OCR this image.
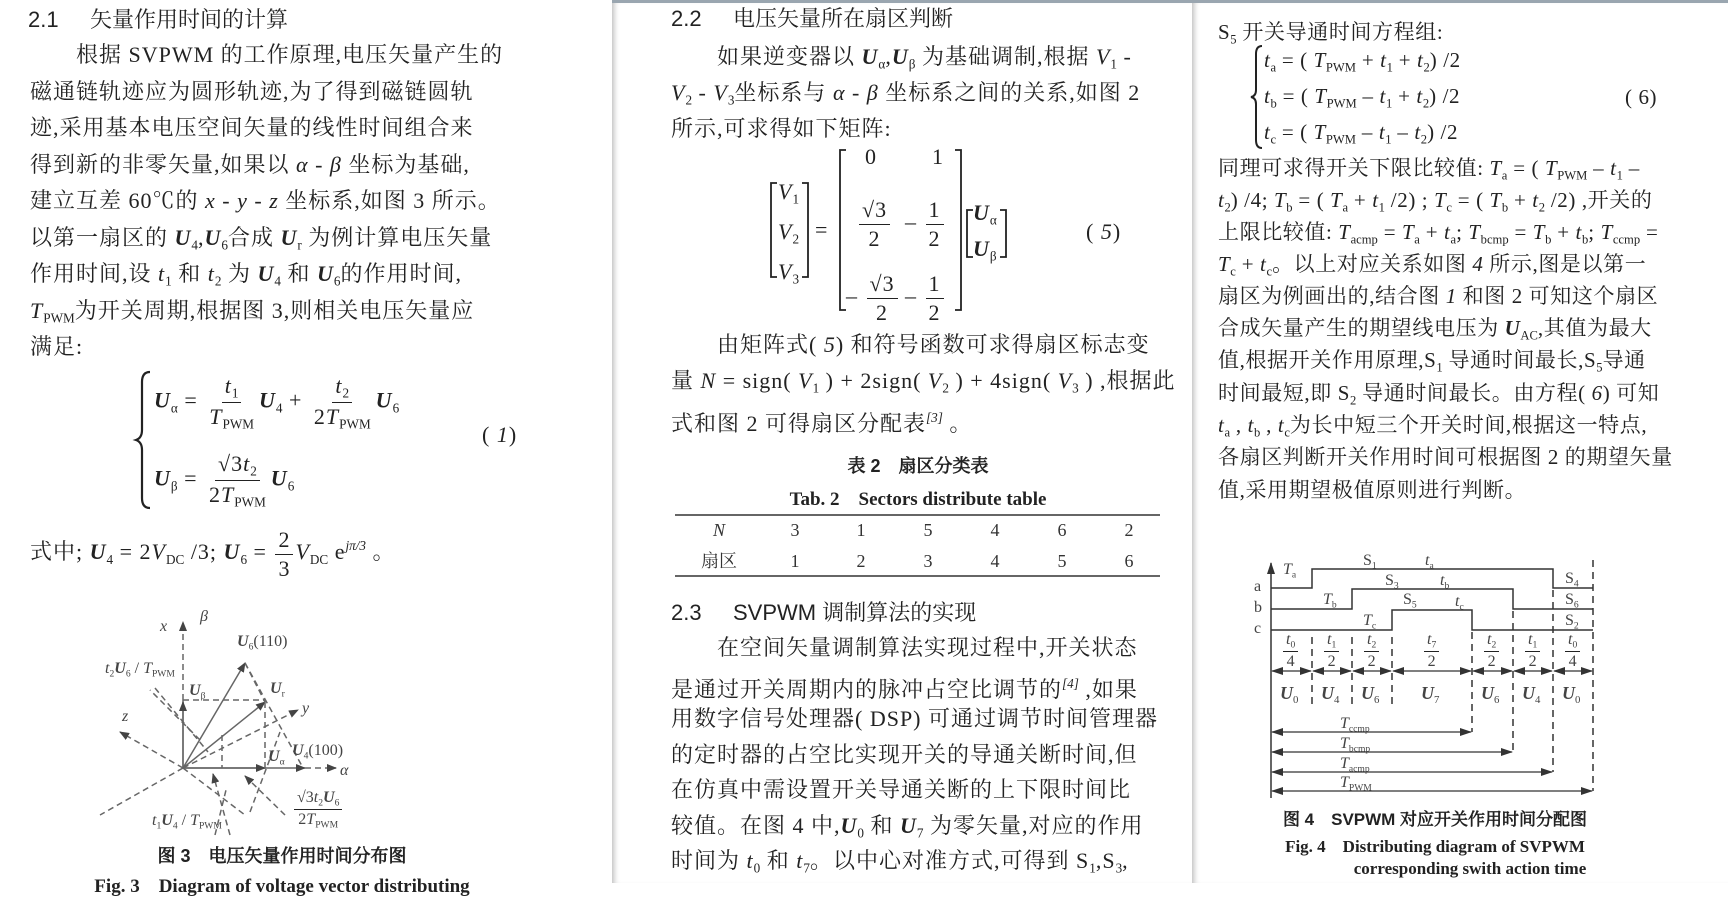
2.1 矢量作用时间的计算
根据 SVPWM 的工作原理,电压矢量产生的
磁通链轨迹应为圆形轨迹,为了得到磁链圆轨
迹,采用基本电压空间矢量的线性时间组合来
得到新的非零矢量,如果以 α - β 坐标为基础,
建立互差 60℃的 x - y - z 坐标系,如图 3 所示。
以第一扇区的 $U_4,U_6$合成 $U_r$ 为例计算电压矢量
作用时间,设 $t_1$ 和 $t_2$ 为 $U_4$ 和 $U_6$的作用时间,
$T_{PWM}$为开关周期,根据图 3,则相关电压矢量应
满足:
$U_\alpha = \frac{t_1}{T_{PWM}} U_4 + \frac{t_2}{2T_{PWM}} U_6$
$U_\beta = \frac{√3t_2}{2T_{PWM}} U_6$
( 1)
式中; $U_4 = 2V_{DC}$ /3; $U_6 = \frac{2}{3} V_{DC}$ $e^{j\pi/3}$ 。
x
β
$U_6(110)$
$t_2U_6 / T_{PWM}$
$U_\beta$	$U_r$
y
z
$U_4(100)$
$U_\alpha$
α
$t_1U_4 / T_{PWM}$	$\frac{√3t_2U_6}{2T_{PWM}}$
图 3　电压矢量作用时间分布图
Fig. 3　Diagram of voltage vector distributing
2.2 电压矢量所在扇区判断
如果逆变器以 $U_\alpha,U_\beta$ 为基础调制,根据 $V_1$ -
$V_2 - V_3$坐标系与 α - β 坐标系之间的关系,如图 2
所示,可求得如下矩阵:
$V_1$
$V_2$
$V_3$
=
0	1
$\frac{√3}{2} - \frac{1}{2}$
– $\frac{√3}{2} - \frac{1}{2}$
$U_\alpha$
$U_\beta$
( 5)
由矩阵式( 5) 和符号函数可求得扇区标志变
量 N = sign( $V_1$ ) + 2sign( $V_2$ ) + 4sign( $V_3$ ) ,根据此
式和图 2 可得扇区分配表[3] 。
表 2　扇区分类表
Tab. 2　Sectors distribute table
N	3	1	5	4	6	2
扇区	1	2	3	4	5	6
2.3 SVPWM 调制算法的实现
在空间矢量调制算法实现过程中,开关状态
是通过开关周期内的脉冲占空比调节的[4] ,如果
用数字信号处理器( DSP) 可通过调节时间管理器
的定时器的占空比实现开关的导通关断时间,但
在仿真中需设置开关导通关断的上下限时间比
较值。在图 4 中$,U_0$ 和 $U_7$ 为零矢量,对应的作用
时间为 $t_0$ 和 $t_7$。以中心对准方式,可得到 $S_1,S_3$,
$S_5$ 开关导通时间方程组:
$t_a$ = ( $T_{PWM} + t_1 + t_2$) /2
$t_b$ = ( $T_{PWM} - t_1 + t_2$) /2
$t_c$ = ( $T_{PWM} - t_1 - t_2$) /2
( 6)
同理可求得开关下限比较值: $T_a$ = ( $T_{PWM} - t_1$ –
$t_2$) /4; $T_b$ = ( $T_a + t_1$ /2) ; $T_c$ = ( $T_b + t_2$ /2) ,开关的
上限比较值: $T_{acmp} = T_a + t_a$; $T_{bcmp} = T_b + t_b$; $T_{ccmp}$ =
$T_c + t_c$。以上对应关系如图 4 所示,图是以第一
扇区为例画出的,结合图 1 和图 2 可知这个扇区
合成矢量产生的期望线电压为 $U_{AC}$,其值为最大
值,根据开关作用原理$,S_1$ 导通时间最长$,S_5$导通
时间最短,即 $S_2$ 导通时间最长。由方程( 6) 可知
$t_a$ , $t_b$ , $t_c$为长中短三个开关时间,根据这一特点,
各扇区判断开关作用时间可根据图 2 的期望矢量
值,采用期望极值原则进行判断。
a
b
c
$T_a$
$S_1$	$t_a$
$S_3$	$t_b$
$T_b$	$S_5$ $t_c$
$T_c$
$S_4$
$S_6$
$S_2$
$\frac{t_0}{4}$
$U_0$
$\frac{t_1}{2}$
$U_4$
$\frac{t_2}{2}$
$U_6$
$\frac{t_7}{2}$
$U_7$
$\frac{t_2}{2}$
$U_6$
$\frac{t_1}{2}$
$U_4$
$\frac{t_0}{4}$
$U_0$
$T_{ccmp}$
$T_{bcmp}$
$T_{acmp}$
$T_{PWM}$
图 4　SVPWM 对应开关作用时间分配图
Fig. 4　Distributing diagram of SVPWM
corresponding swith action time
